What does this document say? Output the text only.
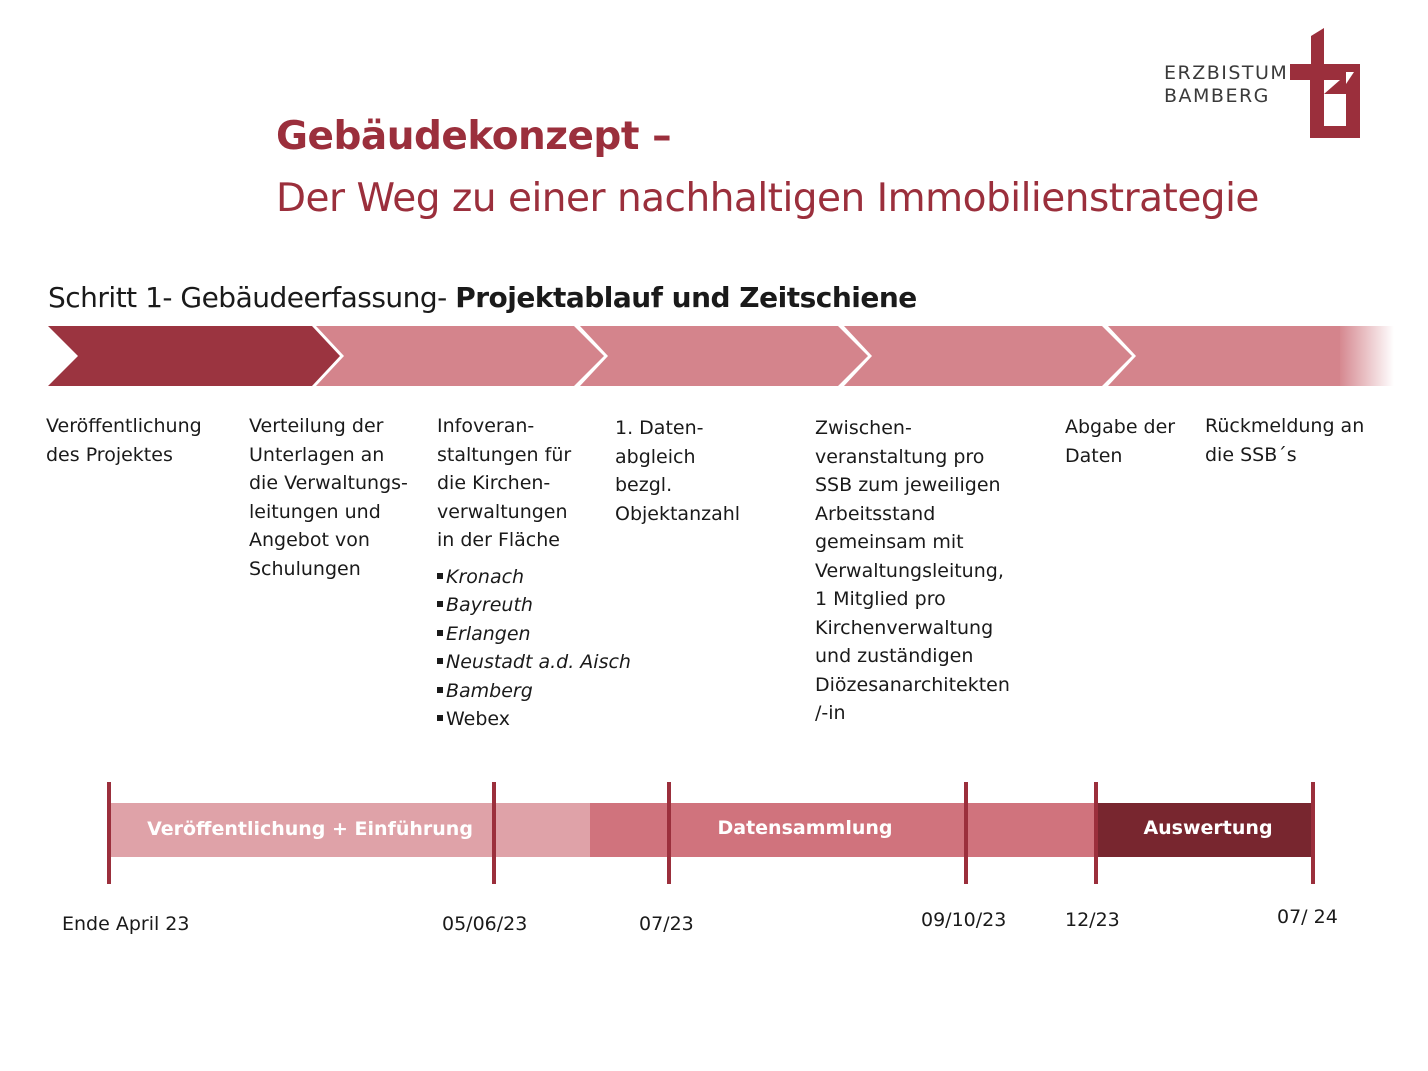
ERZBISTUM
BAMBERG
Gebäudekonzept –
Der Weg zu einer nachhaltigen Immobilienstrategie
Schritt 1- Gebäudeerfassung- Projektablauf und Zeitschiene
Veröffentlichung
des Projektes
Verteilung der
Unterlagen an
die Verwaltungs-
leitungen und
Angebot von
Schulungen
Infoveran-
staltungen für
die Kirchen-
verwaltungen
in der Fläche
Kronach
Bayreuth
Erlangen
Neustadt a.d. Aisch
Bamberg
Webex
1. Daten-
abgleich
bezgl.
Objektanzahl
Zwischen-
veranstaltung pro
SSB zum jeweiligen
Arbeitsstand
gemeinsam mit
Verwaltungsleitung,
1 Mitglied pro
Kirchenverwaltung
und zuständigen
Diözesanarchitekten
/-in
Abgabe der
Daten
Rückmeldung an
die SSB´s
Veröffentlichung + Einführung	Datensammlung	Auswertung
Ende April 23	05/06/23	07/23	09/10/23	12/23	07/ 24
